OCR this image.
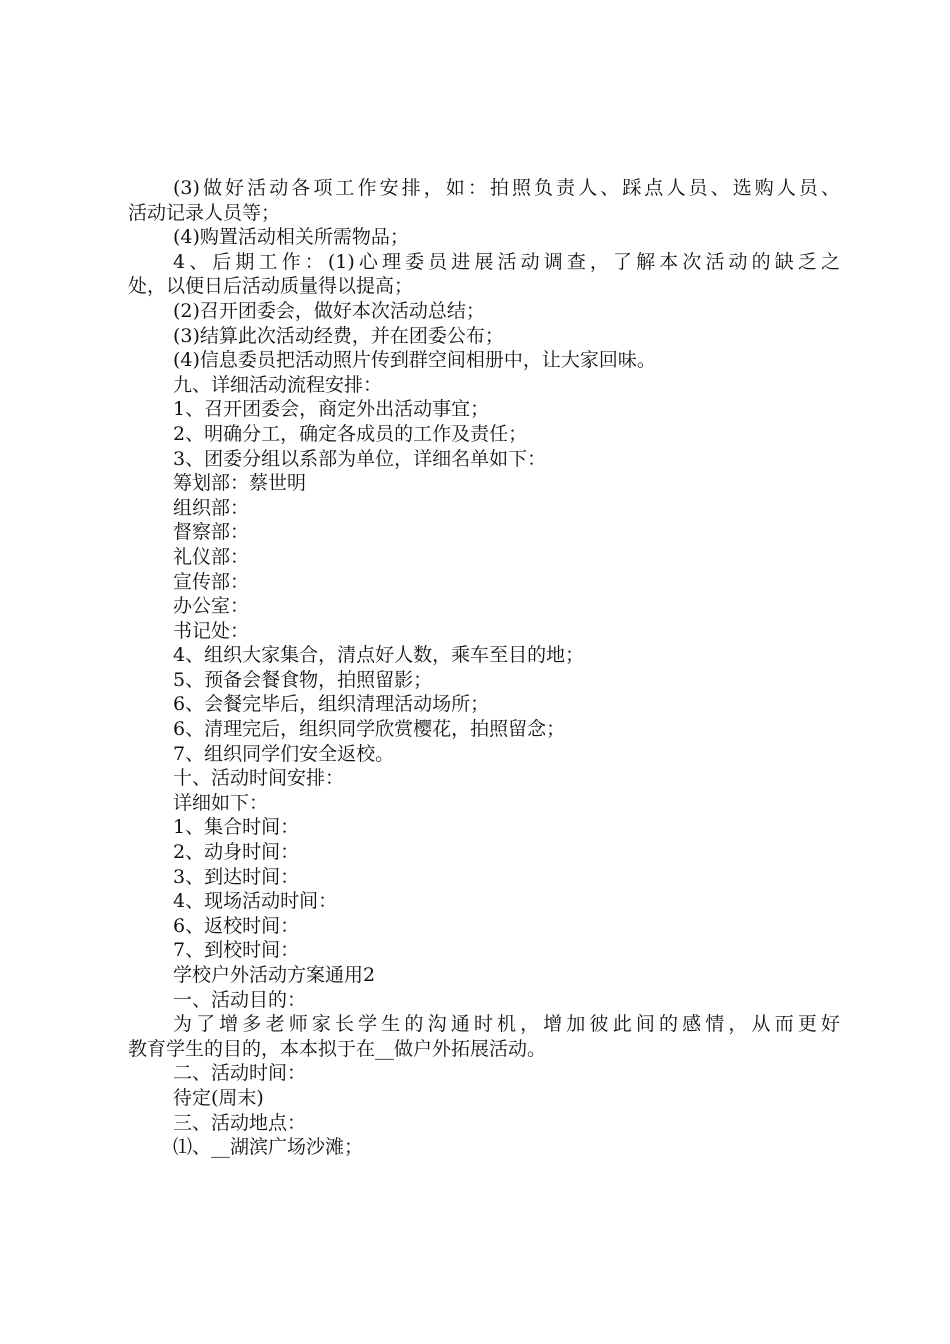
(3)做好活动各项工作安排，如：拍照负责人、踩点人员、选购人员、
活动记录人员等；
(4)购置活动相关所需物品；
4、后期工作：(1)心理委员进展活动调查，了解本次活动的缺乏之
处，以便日后活动质量得以提高；
(2)召开团委会，做好本次活动总结；
(3)结算此次活动经费，并在团委公布；
(4)信息委员把活动照片传到群空间相册中，让大家回味。
九、详细活动流程安排：
1、召开团委会，商定外出活动事宜；
2、明确分工，确定各成员的工作及责任；
3、团委分组以系部为单位，详细名单如下：
筹划部：蔡世明
组织部：
督察部：
礼仪部：
宣传部：
办公室：
书记处：
4、组织大家集合，清点好人数，乘车至目的地；
5、预备会餐食物，拍照留影；
6、会餐完毕后，组织清理活动场所；
6、清理完后，组织同学欣赏樱花，拍照留念；
7、组织同学们安全返校。
十、活动时间安排：
详细如下：
1、集合时间：
2、动身时间：
3、到达时间：
4、现场活动时间：
6、返校时间：
7、到校时间：
学校户外活动方案通用2
一、活动目的：
为了增多老师家长学生的沟通时机，增加彼此间的感情，从而更好
教育学生的目的，本本拟于在__做户外拓展活动。
二、活动时间：
待定(周末)
三、活动地点：
⑴、__湖滨广场沙滩；
